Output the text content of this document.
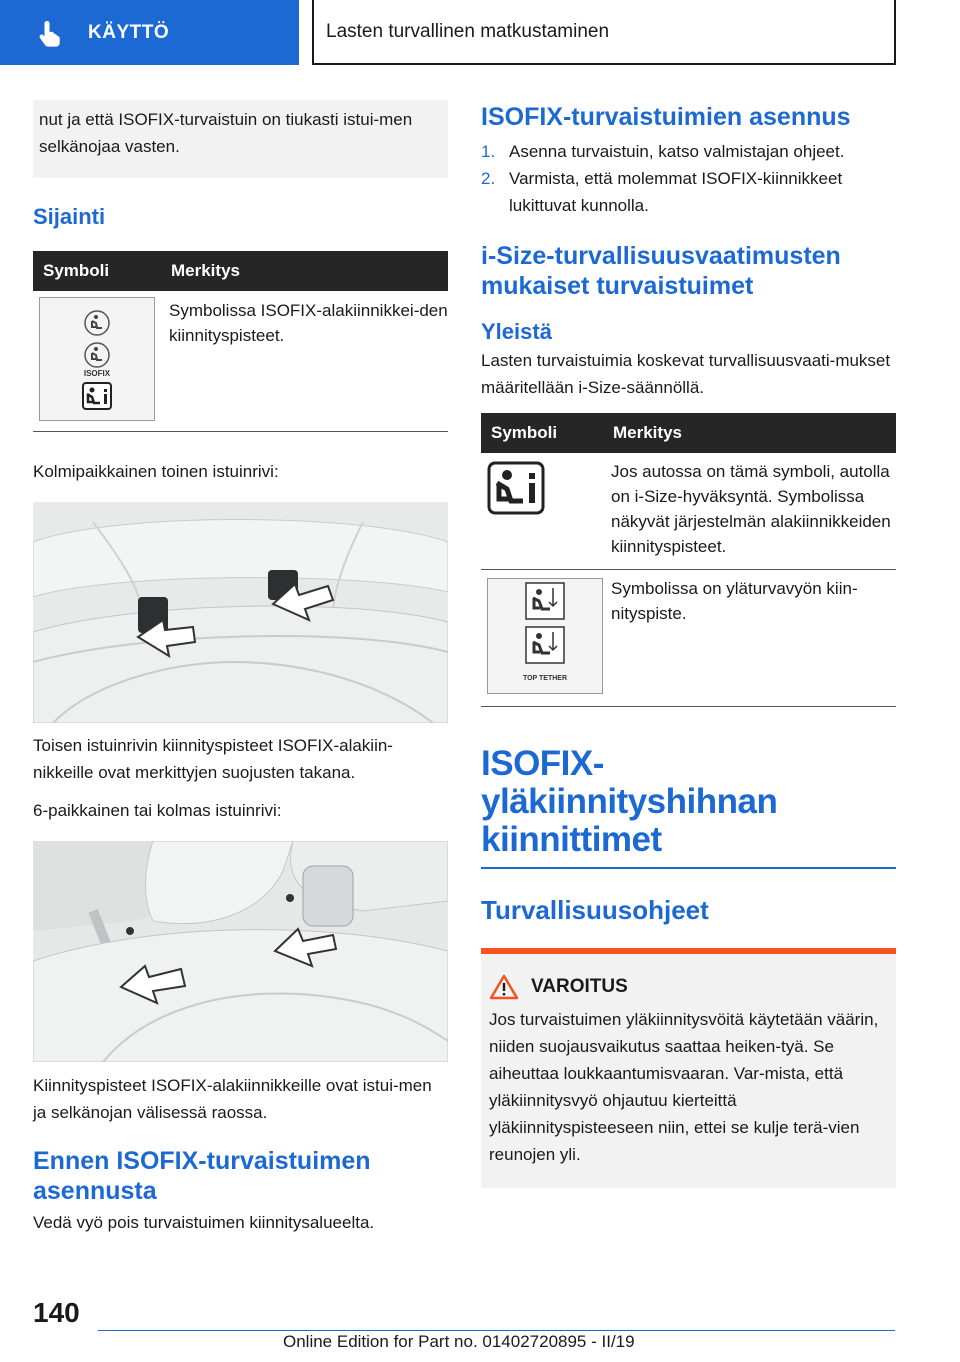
KÄYTTÖ	Lasten turvallinen matkustaminen
nut ja että ISOFIX-turvaistuin on tiukasti istui-men selkänojaa vasten.
Sijainti
Symboli	Merkitys

ISOFIX	Symbolissa ISOFIX-alakiinnikkei-den kiinnityspisteet.
Kolmipaikkainen toinen istuinrivi:
Toisen istuinrivin kiinnityspisteet ISOFIX-alakiin-nikkeille ovat merkittyjen suojusten takana.
6-paikkainen tai kolmas istuinrivi:
Kiinnityspisteet ISOFIX-alakiinnikkeille ovat istui-men ja selkänojan välisessä raossa.
Ennen ISOFIX-turvaistuimen asennusta
Vedä vyö pois turvaistuimen kiinnitysalueelta.
ISOFIX-turvaistuimien asennus
1. Asenna turvaistuin, katso valmistajan ohjeet.
2. Varmista, että molemmat ISOFIX-kiinnikkeet lukittuvat kunnolla.
i-Size-turvallisuusvaatimusten mukaiset turvaistuimet
Yleistä
Lasten turvaistuimia koskevat turvallisuusvaati-mukset määritellään i-Size-säännöllä.
Symboli	Merkitys
	Jos autossa on tämä symboli, autolla on i-Size-hyväksyntä. Symbolissa näkyvät järjestelmän alakiinnikkeiden kiinnityspisteet.

TOP TETHER	Symbolissa on yläturvavyön kiin-nityspiste.
ISOFIX-yläkiinnityshihnan kiinnittimet
Turvallisuusohjeet
VAROITUS
Jos turvaistuimen yläkiinnitysvöitä käytetään väärin, niiden suojausvaikutus saattaa heiken-tyä. Se aiheuttaa loukkaantumisvaaran. Var-mista, että yläkiinnitysvyö ohjautuu kierteittä yläkiinnityspisteeseen niin, ettei se kulje terä-vien reunojen yli.
140
Online Edition for Part no. 01402720895 - II/19
